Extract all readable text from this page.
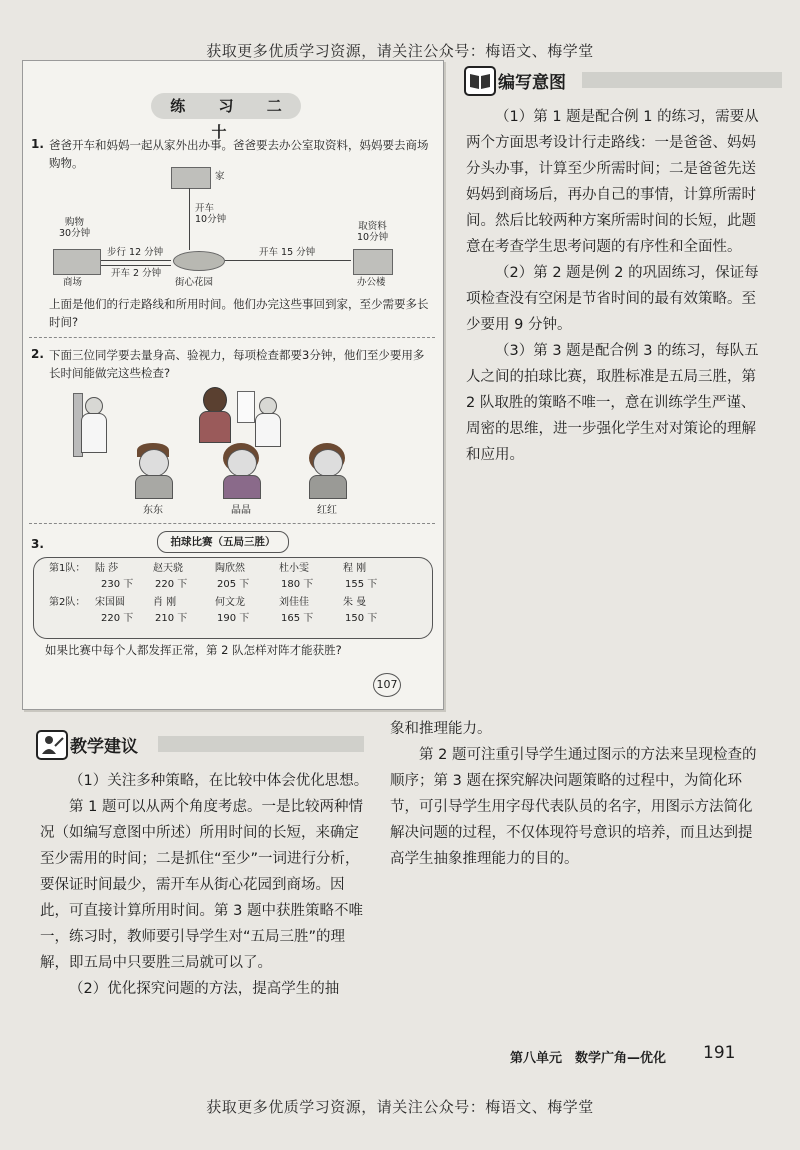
获取更多优质学习资源，请关注公众号：梅语文、梅学堂
练 习 二 十
1. 爸爸开车和妈妈一起从家外出办事。爸爸要去办公室取资料，妈妈要去商场购物。
家
开车
10分钟
购物
30分钟
商场
步行 12 分钟
开车 2 分钟
街心花园
开车 15 分钟
取资料
10分钟
办公楼
上面是他们的行走路线和所用时间。他们办完这些事回到家，至少需要多长时间?
2. 下面三位同学要去量身高、验视力，每项检查都要3分钟，他们至少要用多长时间能做完这些检查?
东东	晶晶	红红
3.	拍球比赛（五局三胜）
第1队： 陆 莎	赵天骁	陶欣然	杜小雯	程 刚
230 下 220 下	205 下	180 下	155 下
第2队： 宋国圆	肖 刚	何文龙	刘佳佳	朱 曼
220 下 210 下	190 下	165 下	150 下
如果比赛中每个人都发挥正常，第 2 队怎样对阵才能获胜?
107
编写意图

（1）第 1 题是配合例 1 的练习，需要从两个方面思考设计行走路线：一是爸爸、妈妈分头办事，计算至少所需时间；二是爸爸先送妈妈到商场后，再办自己的事情，计算所需时间。然后比较两种方案所需时间的长短，此题意在考查学生思考问题的有序性和全面性。

（2）第 2 题是例 2 的巩固练习，保证每项检查没有空闲是节省时间的最有效策略。至少要用 9 分钟。

（3）第 3 题是配合例 3 的练习，每队五人之间的拍球比赛，取胜标准是五局三胜，第 2 队取胜的策略不唯一，意在训练学生严谨、周密的思维，进一步强化学生对对策论的理解和应用。

教学建议

（1）关注多种策略，在比较中体会优化思想。

第 1 题可以从两个角度考虑。一是比较两种情况（如编写意图中所述）所用时间的长短，来确定至少需用的时间；二是抓住“至少”一词进行分析，要保证时间最少，需开车从街心花园到商场。因此，可直接计算所用时间。第 3 题中获胜策略不唯一，练习时，教师要引导学生对“五局三胜”的理解，即五局中只要胜三局就可以了。

（2）优化探究问题的方法，提高学生的抽

象和推理能力。

第 2 题可注重引导学生通过图示的方法来呈现检查的顺序；第 3 题在探究解决问题策略的过程中，为简化环节，可引导学生用字母代表队员的名字，用图示方法简化解决问题的过程，不仅体现符号意识的培养，而且达到提高学生抽象推理能力的目的。

第八单元　数学广角—优化 191
获取更多优质学习资源，请关注公众号：梅语文、梅学堂
